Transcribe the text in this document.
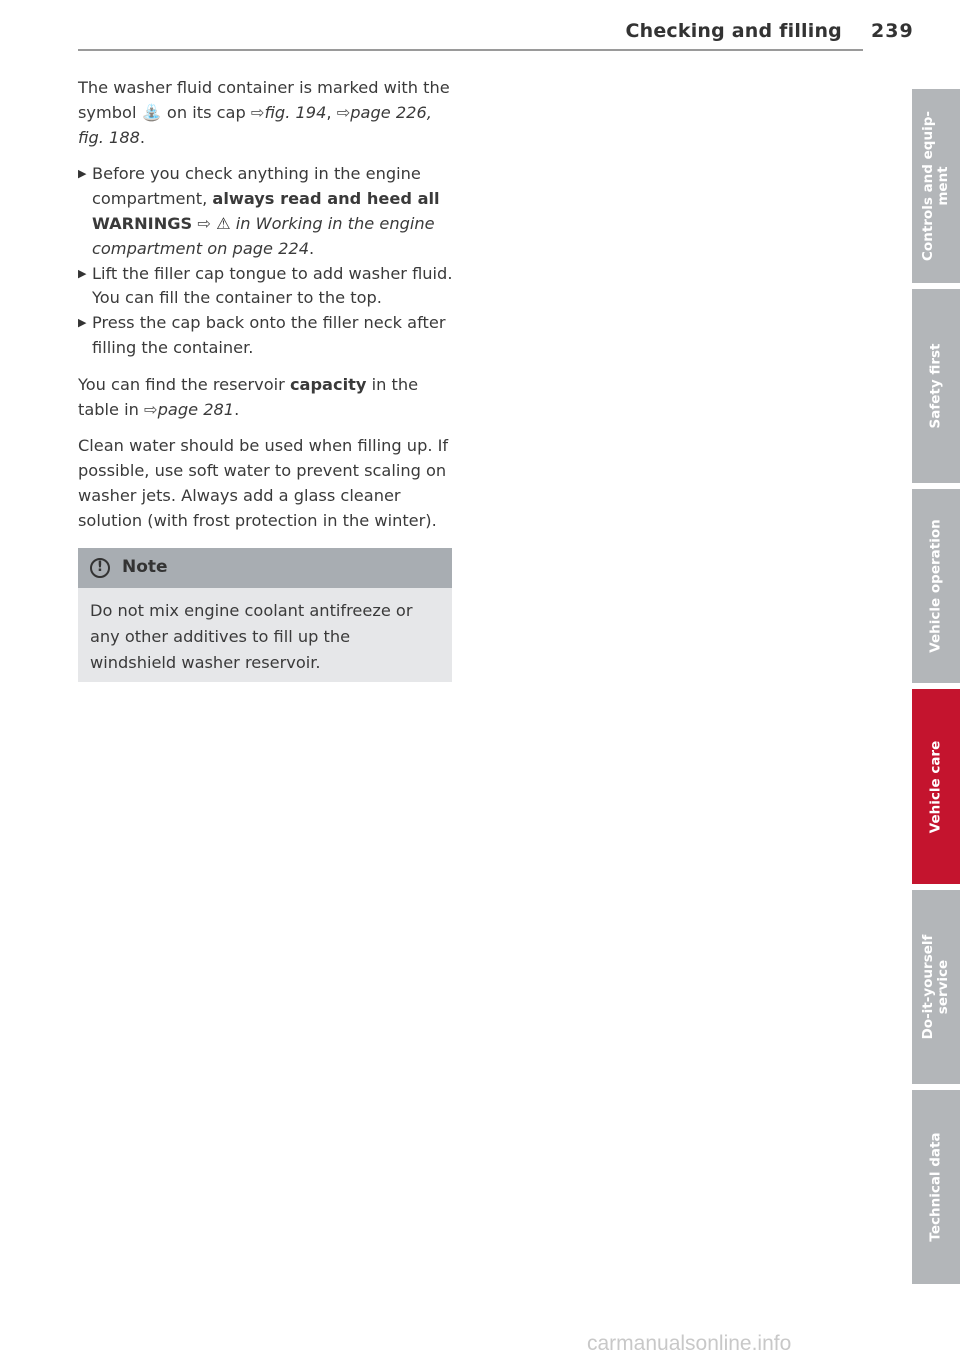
Checking and filling 239

The washer fluid container is marked with the symbol ⛲ on its cap ⇨fig. 194, ⇨page 226, fig. 188.

▶ Before you check anything in the engine compartment, always read and heed all WARNINGS ⇨ ⚠ in Working in the engine compartment on page 224.
▶ Lift the filler cap tongue to add washer fluid. You can fill the container to the top.
▶ Press the cap back onto the filler neck after filling the container.

You can find the reservoir capacity in the table in ⇨page 281.

Clean water should be used when filling up. If possible, use soft water to prevent scaling on washer jets. Always add a glass cleaner solution (with frost protection in the winter).

!	Note
Do not mix engine coolant antifreeze or any other additives to fill up the windshield washer reservoir.
Controls and equip-
ment
Safety first
Vehicle operation
Vehicle care
Do-it-yourself
service
Technical data
carmanualsonline.info
